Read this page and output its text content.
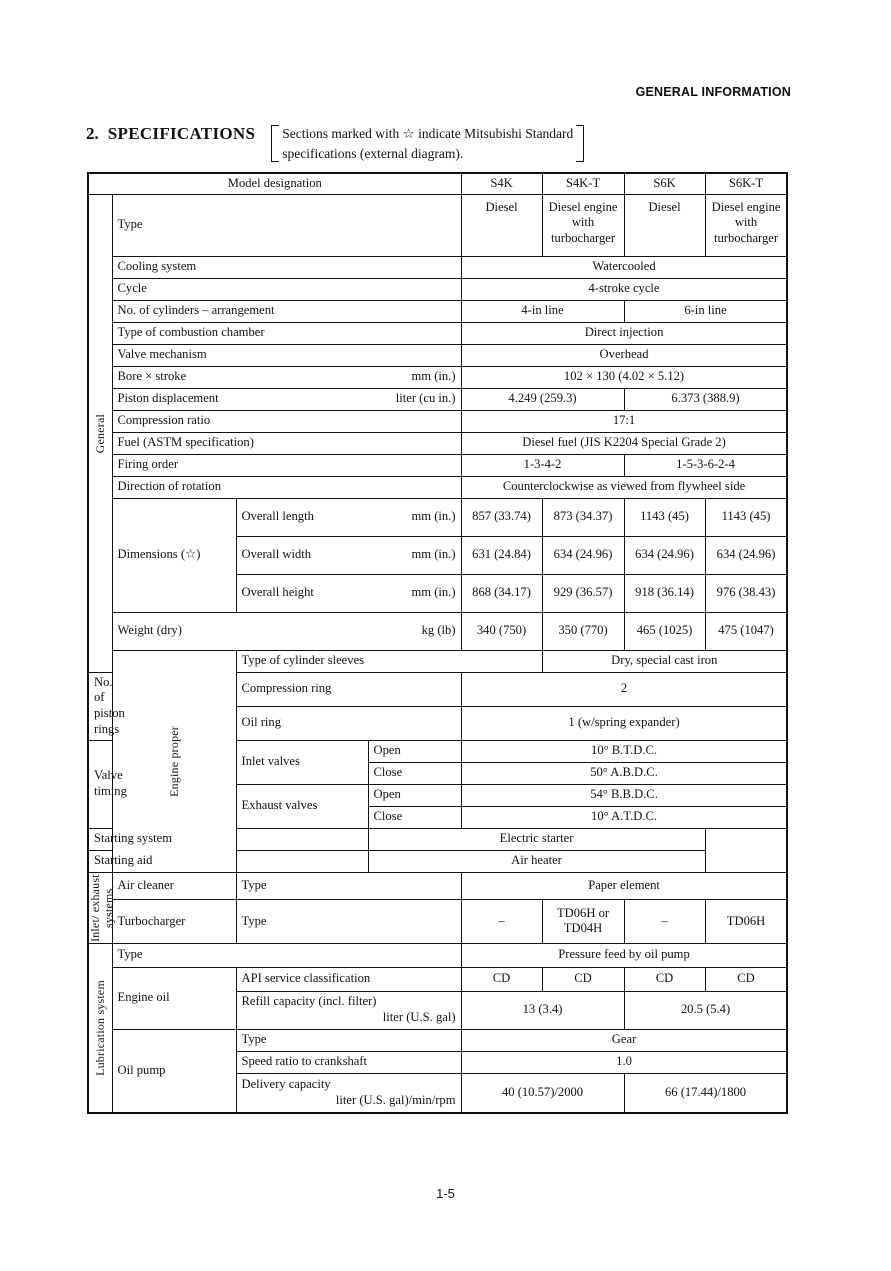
GENERAL INFORMATION
2. SPECIFICATIONS Sections marked with ☆ indicate Mitsubishi Standard
specifications (external diagram).
Model designation				S4K	S4K-T	S6K	S6K-T

General	Type			Diesel	Diesel engine with turbocharger	Diesel	Diesel engine with turbocharger
	Cooling system			Watercooled			
	Cycle			4-stroke cycle			
	No. of cylinders – arrangement			4-in line		6-in line	
	Type of combustion chamber			Direct injection			
	Valve mechanism			Overhead			

	Bore × stroke mm (in.)			102 × 130 (4.02 × 5.12)			

	Piston displacement liter (cu in.)			4.249 (259.3)		6.373 (388.9)	
	Compression ratio			17:1			
	Fuel (ASTM specification)			Diesel fuel (JIS K2204 Special Grade 2)			
	Firing order			1-3-4-2		1-5-3-6-2-4	
	Direction of rotation			Counterclockwise as viewed from flywheel side			
	Dimensions (☆)	Overall length mm (in.)		857 (33.74)	873 (34.37)	1143 (45)	1143 (45)

		Overall width mm (in.)		631 (24.84)	634 (24.96)	634 (24.96)	634 (24.96)

		Overall height mm (in.)		868 (34.17)	929 (36.57)	918 (36.14)	976 (38.43)

	Weight (dry) kg (lb)			340 (750)	350 (770)	465 (1025)	475 (1047)

	Engine proper	Type of cylinder sleeves			Dry, special cast iron		
No. of piston rings		Compression ring		2			
		Oil ring		1 (w/spring expander)			
Valve timing		Inlet valves	Open	10° B.T.D.C.			
			Close	50° A.B.D.C.			
		Exhaust valves	Open	54° B.B.D.C.			
			Close	10° A.T.D.C.			
Starting system			Electric starter				
Starting aid			Air heater				

Inlet/ exhaust systems	Air cleaner	Type		Paper element			
	Turbocharger	Type		–	TD06H or TD04H	–	TD06H

Lubrication system	Type			Pressure feed by oil pump			
	Engine oil	API service classification		CD	CD	CD	CD
		Refill capacity (incl. filter)
liter (U.S. gal)		13 (3.4)		20.5 (5.4)	
	Oil pump	Type		Gear			
		Speed ratio to crankshaft		1.0			
		Delivery capacity
liter (U.S. gal)/min/rpm		40 (10.57)/2000		66 (17.44)/1800	
1-5
